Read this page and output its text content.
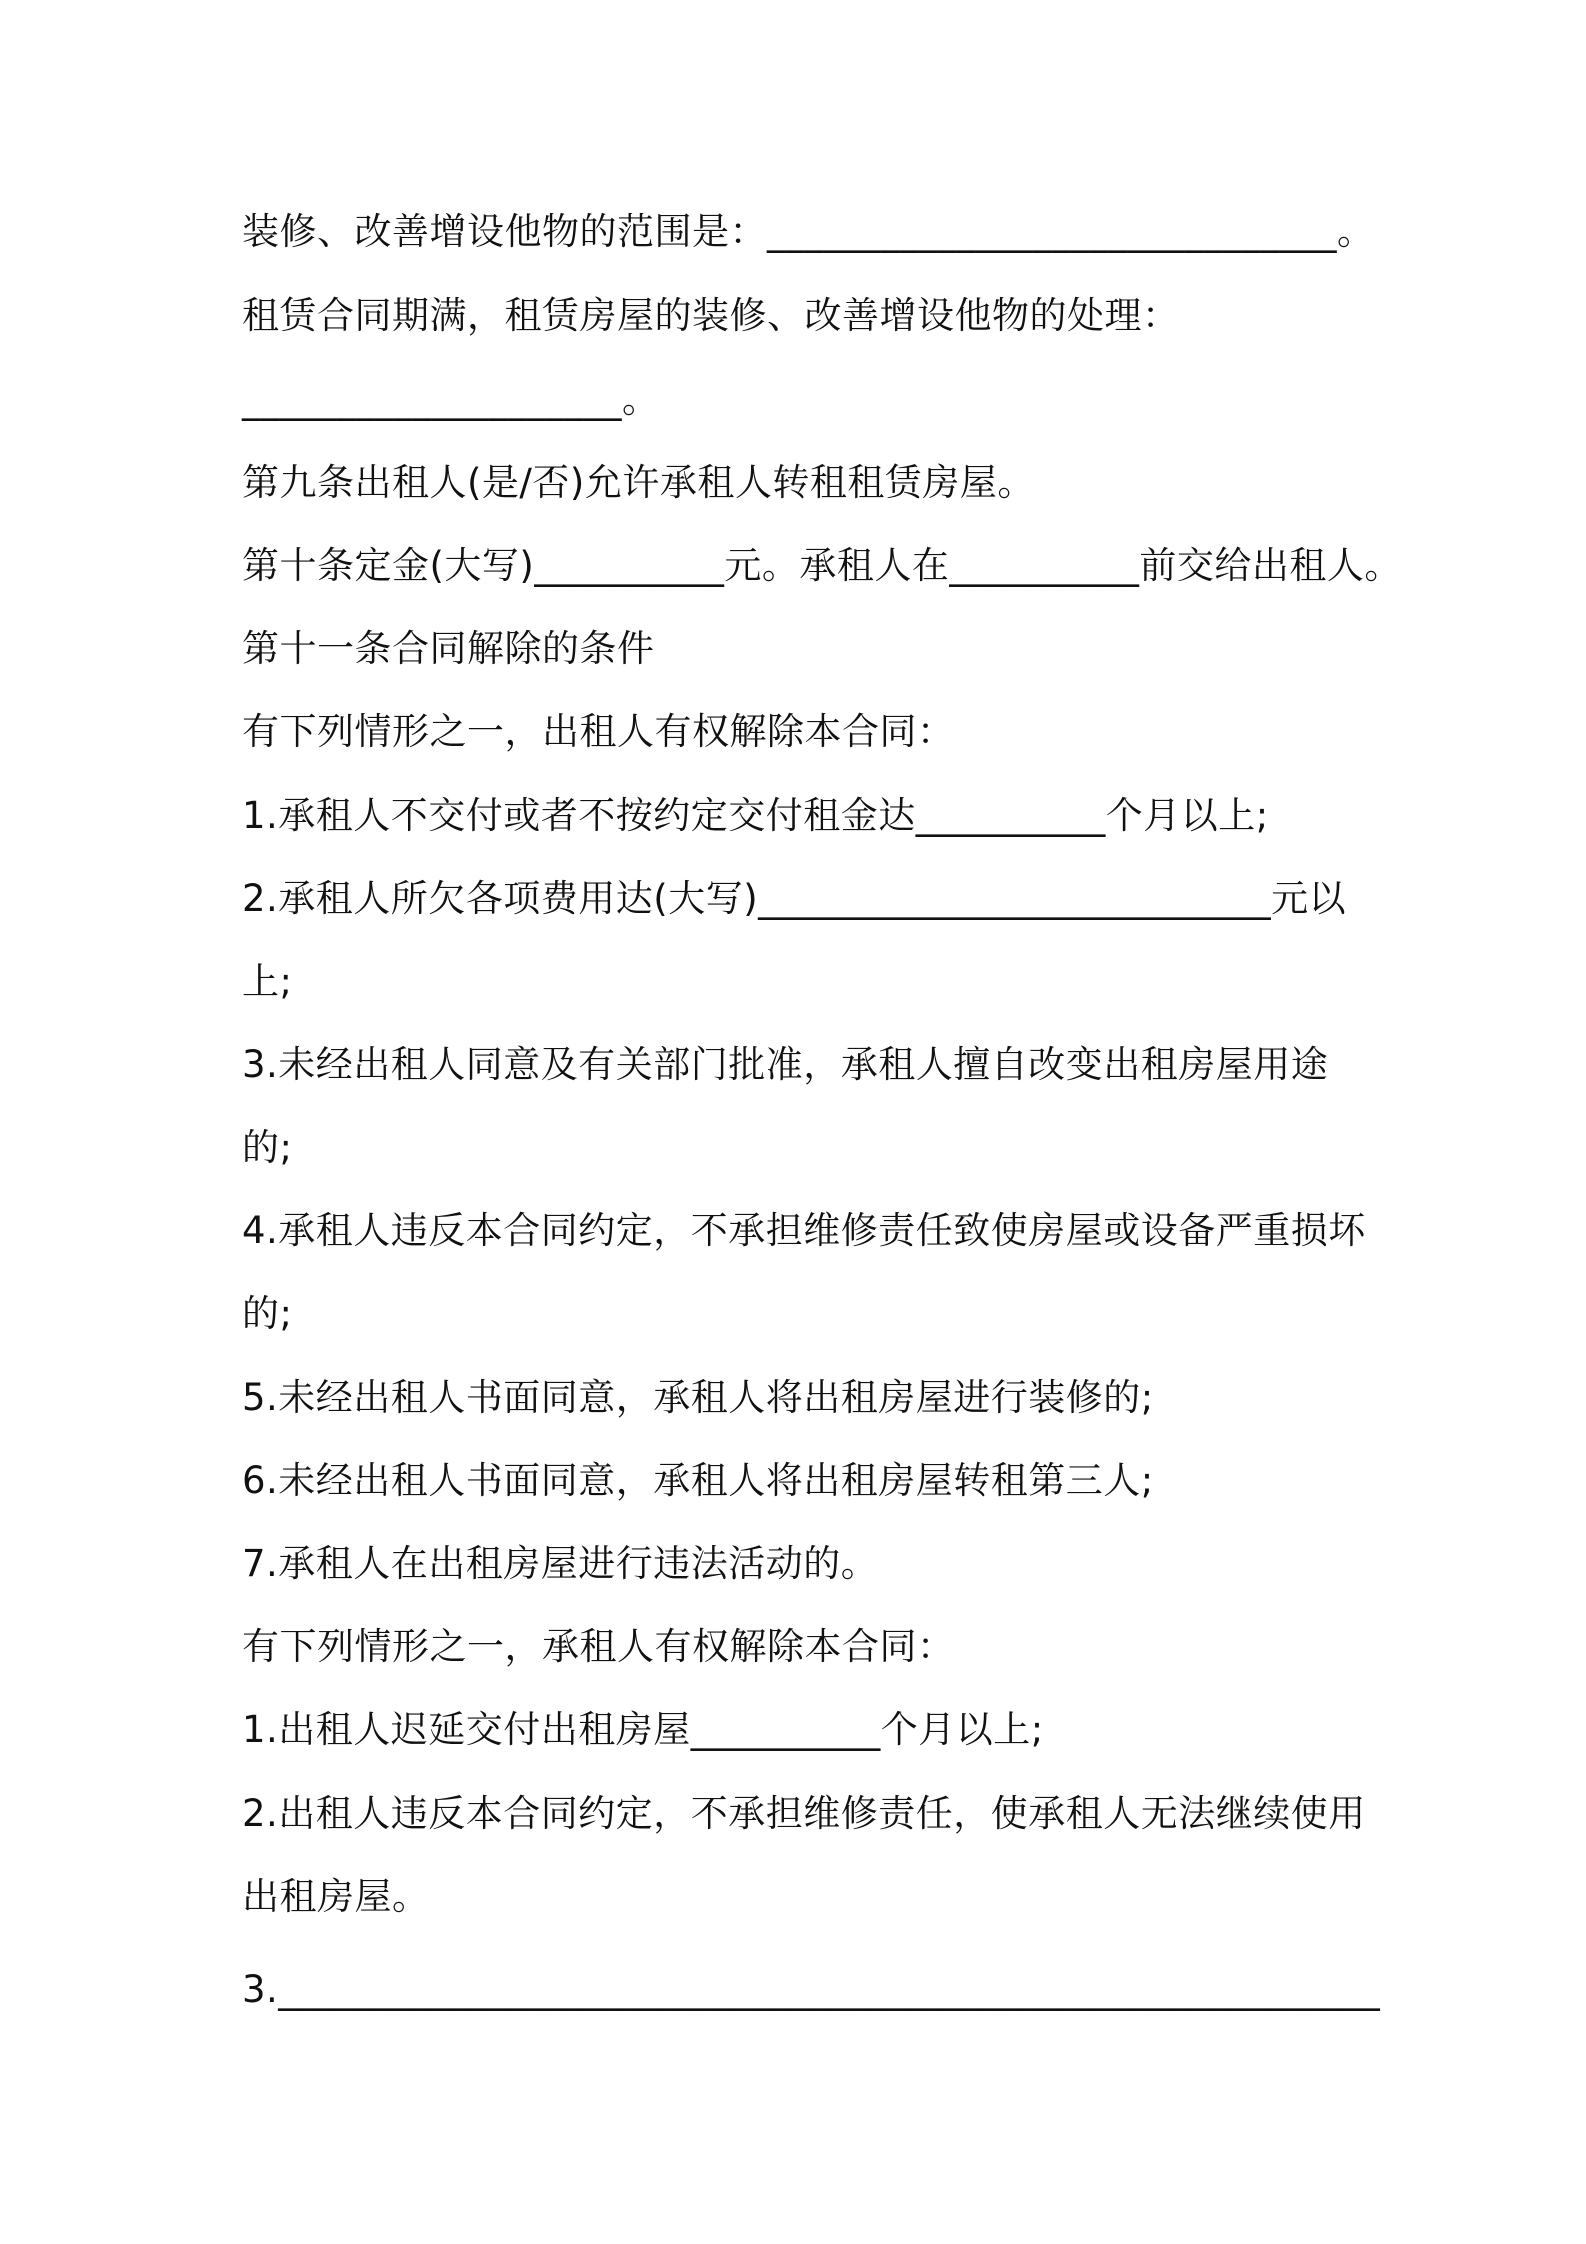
装修、改善增设他物的范围是：______________________________。
租赁合同期满，租赁房屋的装修、改善增设他物的处理：
____________________。
第九条出租人(是/否)允许承租人转租租赁房屋。
第十条定金(大写)__________元。承租人在__________前交给出租人。
第十一条合同解除的条件
有下列情形之一，出租人有权解除本合同：
1.承租人不交付或者不按约定交付租金达__________个月以上;
2.承租人所欠各项费用达(大写)___________________________元以
上;
3.未经出租人同意及有关部门批准，承租人擅自改变出租房屋用途
的;
4.承租人违反本合同约定，不承担维修责任致使房屋或设备严重损坏
的;
5.未经出租人书面同意，承租人将出租房屋进行装修的;
6.未经出租人书面同意，承租人将出租房屋转租第三人;
7.承租人在出租房屋进行违法活动的。
有下列情形之一，承租人有权解除本合同：
1.出租人迟延交付出租房屋__________个月以上;
2.出租人违反本合同约定，不承担维修责任，使承租人无法继续使用
出租房屋。
3.__________________________________________________________
